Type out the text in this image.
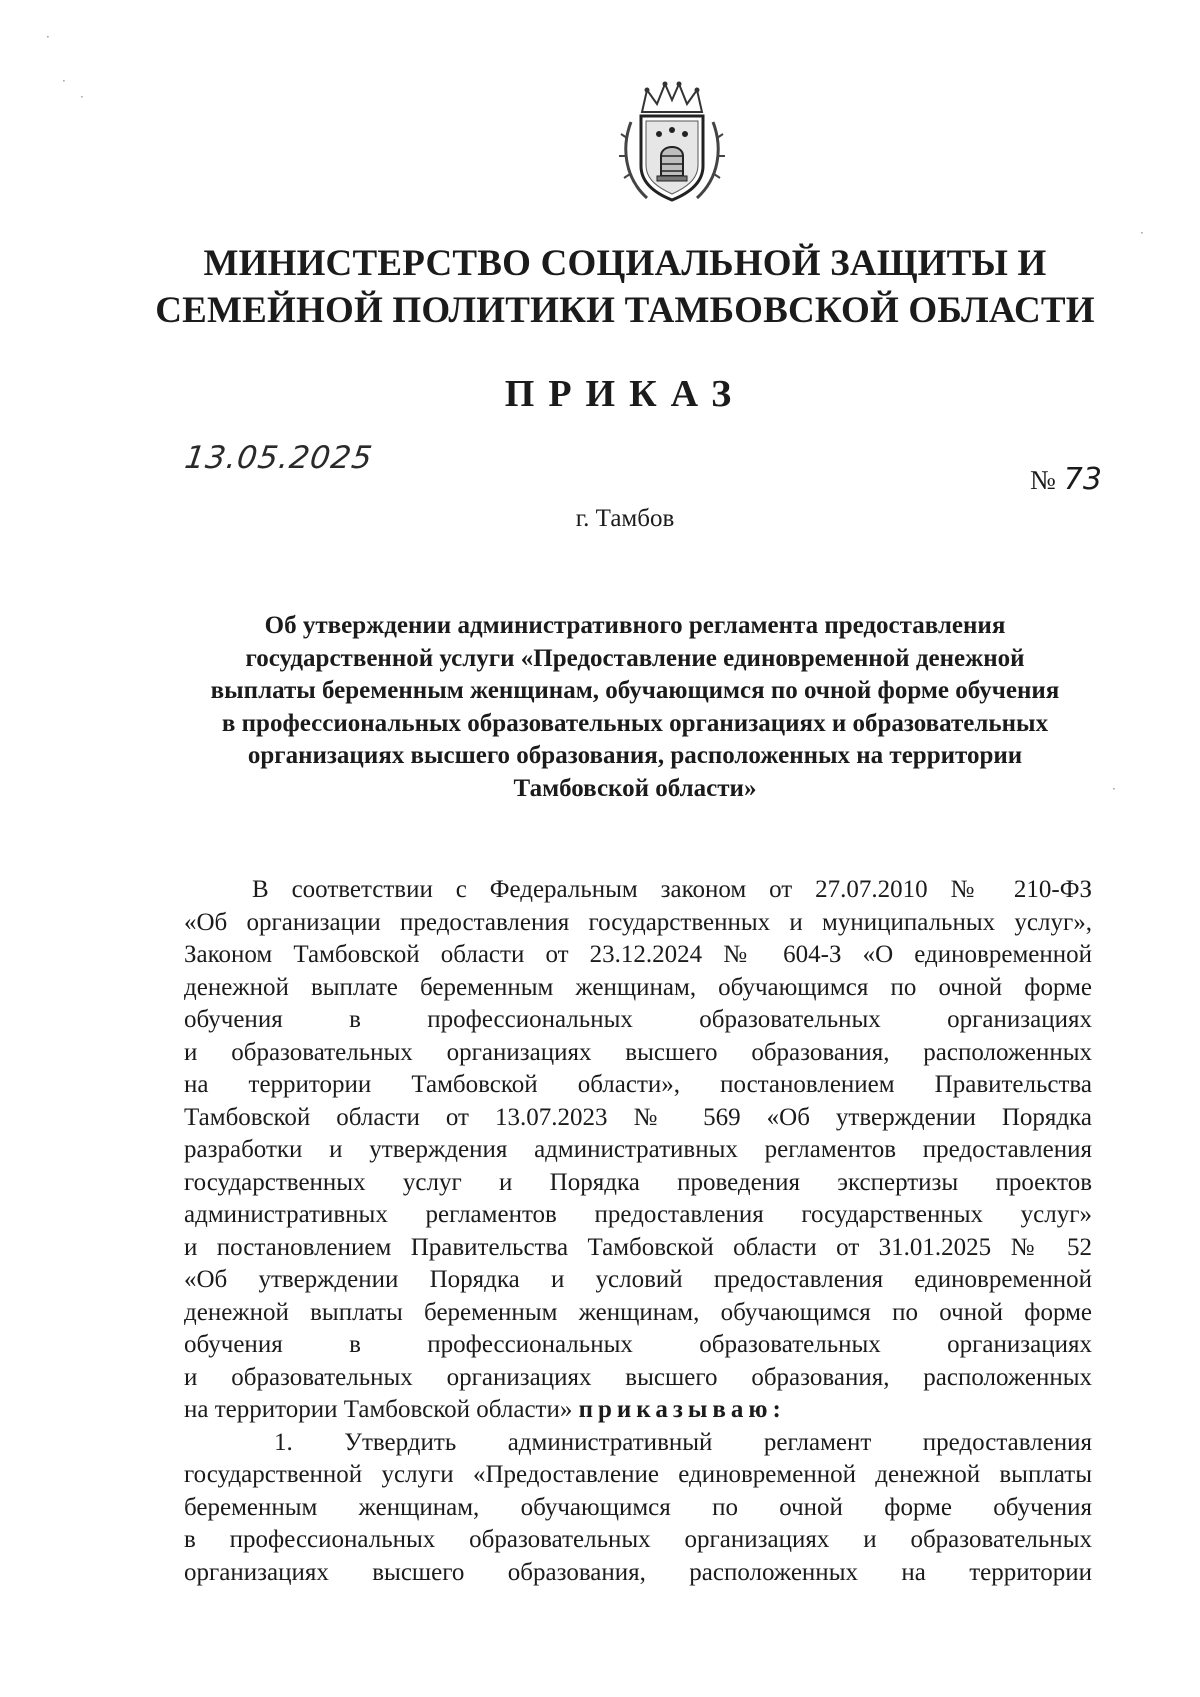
МИНИСТЕРСТВО СОЦИАЛЬНОЙ ЗАЩИТЫ И
СЕМЕЙНОЙ ПОЛИТИКИ ТАМБОВСКОЙ ОБЛАСТИ
ПРИКАЗ
13.05.2025
№ 73
г. Тамбов
Об утверждении административного регламента предоставления
государственной услуги «Предоставление единовременной денежной
выплаты беременным женщинам, обучающимся по очной форме обучения
в профессиональных образовательных организациях и образовательных
организациях высшего образования, расположенных на территории
Тамбовской области»
В соответствии с Федеральным законом от 27.07.2010 № 210-ФЗ
«Об организации предоставления государственных и муниципальных услуг»,
Законом Тамбовской области от 23.12.2024 № 604-З «О единовременной
денежной выплате беременным женщинам, обучающимся по очной форме
обучения в профессиональных образовательных организациях
и образовательных организациях высшего образования, расположенных
на территории Тамбовской области», постановлением Правительства
Тамбовской области от 13.07.2023 № 569 «Об утверждении Порядка
разработки и утверждения административных регламентов предоставления
государственных услуг и Порядка проведения экспертизы проектов
административных регламентов предоставления государственных услуг»
и постановлением Правительства Тамбовской области от 31.01.2025 № 52
«Об утверждении Порядка и условий предоставления единовременной
денежной выплаты беременным женщинам, обучающимся по очной форме
обучения в профессиональных образовательных организациях
и образовательных организациях высшего образования, расположенных
на территории Тамбовской области» приказываю:
1. Утвердить административный регламент предоставления
государственной услуги «Предоставление единовременной денежной выплаты
беременным женщинам, обучающимся по очной форме обучения
в профессиональных образовательных организациях и образовательных
организациях высшего образования, расположенных на территории
·
·
·
·
·
